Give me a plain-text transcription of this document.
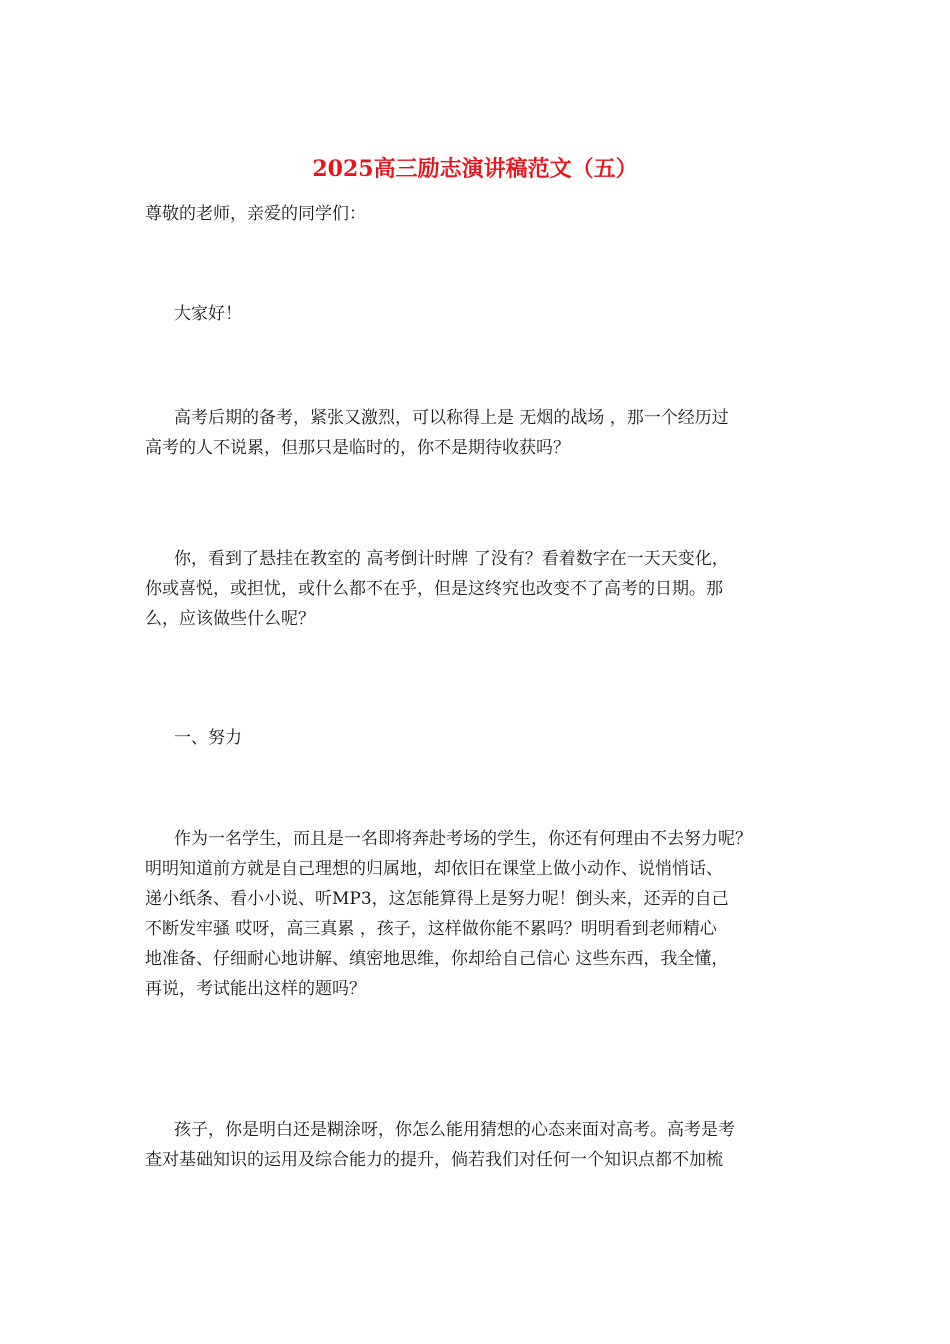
2025高三励志演讲稿范文（五）

尊敬的老师，亲爱的同学们：

大家好！

高考后期的备考，紧张又激烈，可以称得上是 无烟的战场 ，那一个经历过
高考的人不说累，但那只是临时的，你不是期待收获吗？

你，看到了悬挂在教室的 高考倒计时牌 了没有？看着数字在一天天变化，
你或喜悦，或担忧，或什么都不在乎，但是这终究也改变不了高考的日期。那
么，应该做些什么呢？

一、努力

作为一名学生，而且是一名即将奔赴考场的学生，你还有何理由不去努力呢？
明明知道前方就是自己理想的归属地，却依旧在课堂上做小动作、说悄悄话、
递小纸条、看小小说、听MP3，这怎能算得上是努力呢！倒头来，还弄的自己
不断发牢骚 哎呀，高三真累 ，孩子，这样做你能不累吗？明明看到老师精心
地准备、仔细耐心地讲解、缜密地思维，你却给自己信心 这些东西，我全懂，
再说，考试能出这样的题吗？

孩子，你是明白还是糊涂呀，你怎么能用猜想的心态来面对高考。高考是考
查对基础知识的运用及综合能力的提升，倘若我们对任何一个知识点都不加梳
